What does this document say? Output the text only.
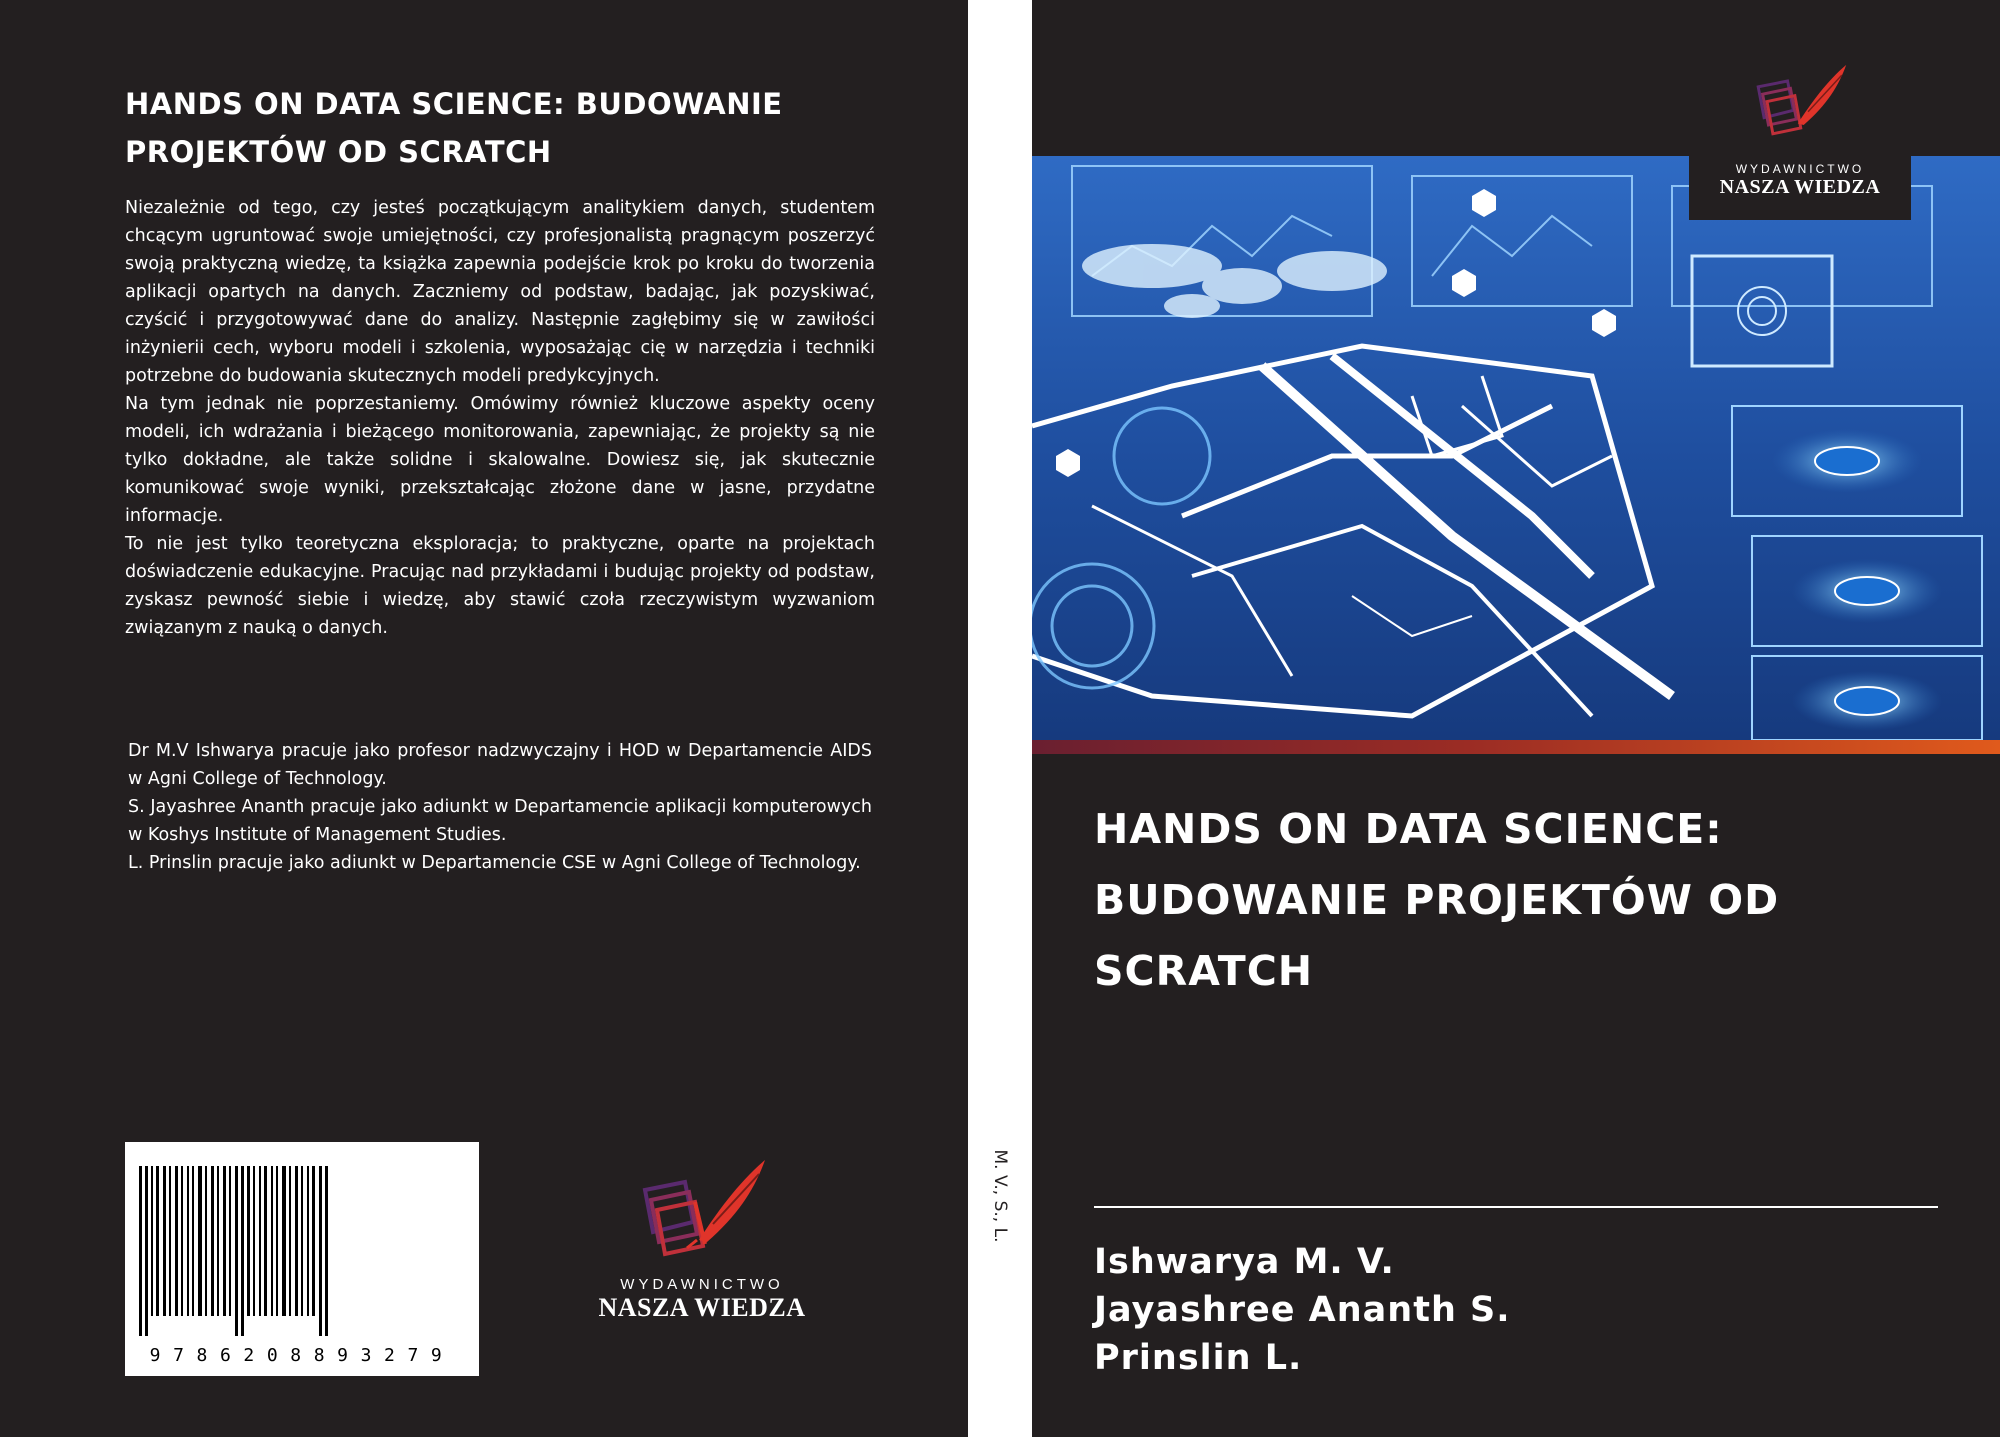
HANDS ON DATA SCIENCE: BUDOWANIE
PROJEKTÓW OD SCRATCH

Niezależnie od tego, czy jesteś początkującym analitykiem danych, studentem chcącym ugruntować swoje umiejętności, czy profesjonalistą pragnącym poszerzyć swoją praktyczną wiedzę, ta książka zapewnia podejście krok po kroku do tworzenia aplikacji opartych na danych. Zaczniemy od podstaw, badając, jak pozyskiwać, czyścić i przygotowywać dane do analizy. Następnie zagłębimy się w zawiłości inżynierii cech, wyboru modeli i szkolenia, wyposażając cię w narzędzia i techniki potrzebne do budowania skutecznych modeli predykcyjnych.

Na tym jednak nie poprzestaniemy. Omówimy również kluczowe aspekty oceny modeli, ich wdrażania i bieżącego monitorowania, zapewniając, że projekty są nie tylko dokładne, ale także solidne i skalowalne. Dowiesz się, jak skutecznie komunikować swoje wyniki, przekształcając złożone dane w jasne, przydatne informacje.

To nie jest tylko teoretyczna eksploracja; to praktyczne, oparte na projektach doświadczenie edukacyjne. Pracując nad przykładami i budując projekty od podstaw, zyskasz pewność siebie i wiedzę, aby stawić czoła rzeczywistym wyzwaniom związanym z nauką o danych.

Dr M.V Ishwarya pracuje jako profesor nadzwyczajny i HOD w Departamencie AIDS w Agni College of Technology.

S. Jayashree Ananth pracuje jako adiunkt w Departamencie aplikacji komputerowych w Koshys Institute of Management Studies.

L. Prinslin pracuje jako adiunkt w Departamencie CSE w Agni College of Technology.

9786208893279
WYDAWNICTWO
NASZA WIEDZA
M. V., S., L.
WYDAWNICTWO
NASZA WIEDZA
HANDS ON DATA SCIENCE:
BUDOWANIE PROJEKTÓW OD
SCRATCH
Ishwarya M. V.
Jayashree Ananth S.
Prinslin L.
